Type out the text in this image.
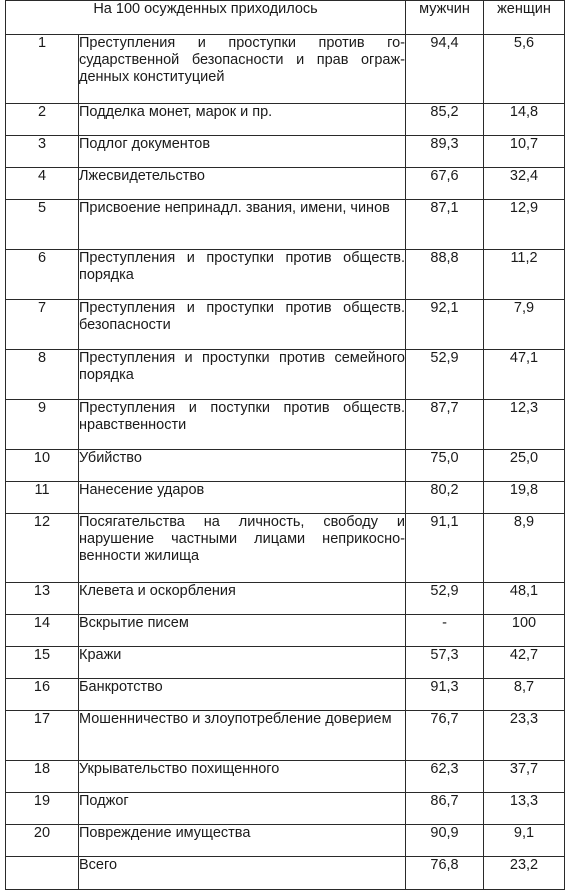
На 100 осужденных приходилось		мужчин	женщин
1	Преступления и проступки против государственной безопасности и прав огражденных конституцией	94,4	5,6
2	Подделка монет, марок и пр.	85,2	14,8
3	Подлог документов	89,3	10,7
4	Лжесвидетельство	67,6	32,4
5	Присвоение непринадл. звания, имени, чинов	87,1	12,9
6	Преступления и проступки против обществ. порядка	88,8	11,2
7	Преступления и проступки против обществ. безопасности	92,1	7,9
8	Преступления и проступки против семейного порядка	52,9	47,1
9	Преступления и поступки против обществ. нравственности	87,7	12,3
10	Убийство	75,0	25,0
11	Нанесение ударов	80,2	19,8
12	Посягательства на личность, свободу и нарушение частными лицами неприкосновенности жилища	91,1	8,9
13	Клевета и оскорбления	52,9	48,1
14	Вскрытие писем	-	100
15	Кражи	57,3	42,7
16	Банкротство	91,3	8,7
17	Мошенничество и злоупотребление доверием	76,7	23,3
18	Укрывательство похищенного	62,3	37,7
19	Поджог	86,7	13,3
20	Повреждение имущества	90,9	9,1
	Всего	76,8	23,2
